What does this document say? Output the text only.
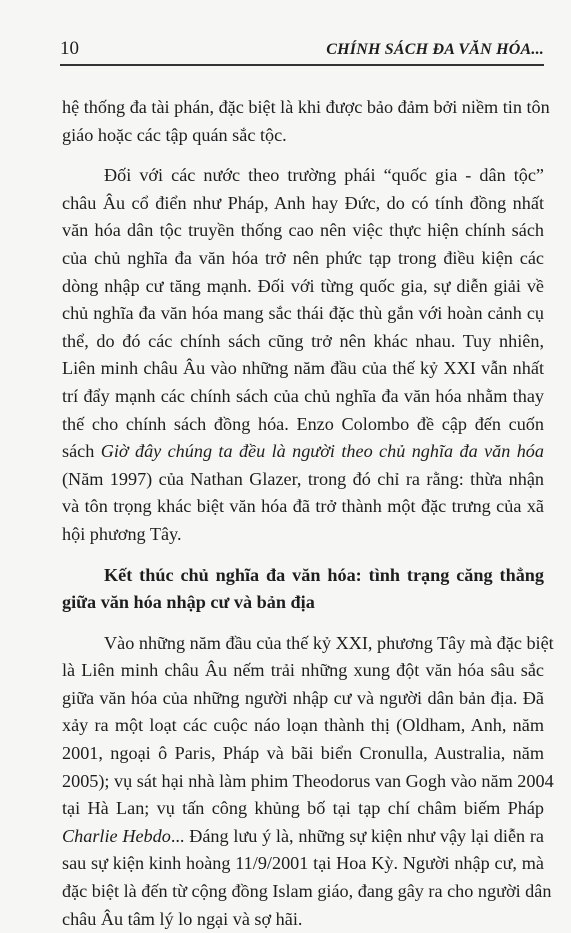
10	CHÍNH SÁCH ĐA VĂN HÓA...

hệ thống đa tài phán, đặc biệt là khi được bảo đảm bởi niềm tin tôn
giáo hoặc các tập quán sắc tộc.

Đối với các nước theo trường phái “quốc gia - dân tộc”
châu Âu cổ điển như Pháp, Anh hay Đức, do có tính đồng nhất
văn hóa dân tộc truyền thống cao nên việc thực hiện chính sách
của chủ nghĩa đa văn hóa trở nên phức tạp trong điều kiện các
dòng nhập cư tăng mạnh. Đối với từng quốc gia, sự diễn giải về
chủ nghĩa đa văn hóa mang sắc thái đặc thù gắn với hoàn cảnh cụ
thể, do đó các chính sách cũng trở nên khác nhau. Tuy nhiên,
Liên minh châu Âu vào những năm đầu của thế kỷ XXI vẫn nhất
trí đẩy mạnh các chính sách của chủ nghĩa đa văn hóa nhằm thay
thế cho chính sách đồng hóa. Enzo Colombo đề cập đến cuốn
sách Giờ đây chúng ta đều là người theo chủ nghĩa đa văn hóa
(Năm 1997) của Nathan Glazer, trong đó chỉ ra rằng: thừa nhận
và tôn trọng khác biệt văn hóa đã trở thành một đặc trưng của xã
hội phương Tây.

Kết thúc chủ nghĩa đa văn hóa: tình trạng căng thẳng
giữa văn hóa nhập cư và bản địa

Vào những năm đầu của thế kỷ XXI, phương Tây mà đặc biệt
là Liên minh châu Âu nếm trải những xung đột văn hóa sâu sắc
giữa văn hóa của những người nhập cư và người dân bản địa. Đã
xảy ra một loạt các cuộc náo loạn thành thị (Oldham, Anh, năm
2001, ngoại ô Paris, Pháp và bãi biển Cronulla, Australia, năm
2005); vụ sát hại nhà làm phim Theodorus van Gogh vào năm 2004
tại Hà Lan; vụ tấn công khủng bố tại tạp chí châm biếm Pháp
Charlie Hebdo... Đáng lưu ý là, những sự kiện như vậy lại diễn ra
sau sự kiện kinh hoàng 11/9/2001 tại Hoa Kỳ. Người nhập cư, mà
đặc biệt là đến từ cộng đồng Islam giáo, đang gây ra cho người dân
châu Âu tâm lý lo ngại và sợ hãi.
